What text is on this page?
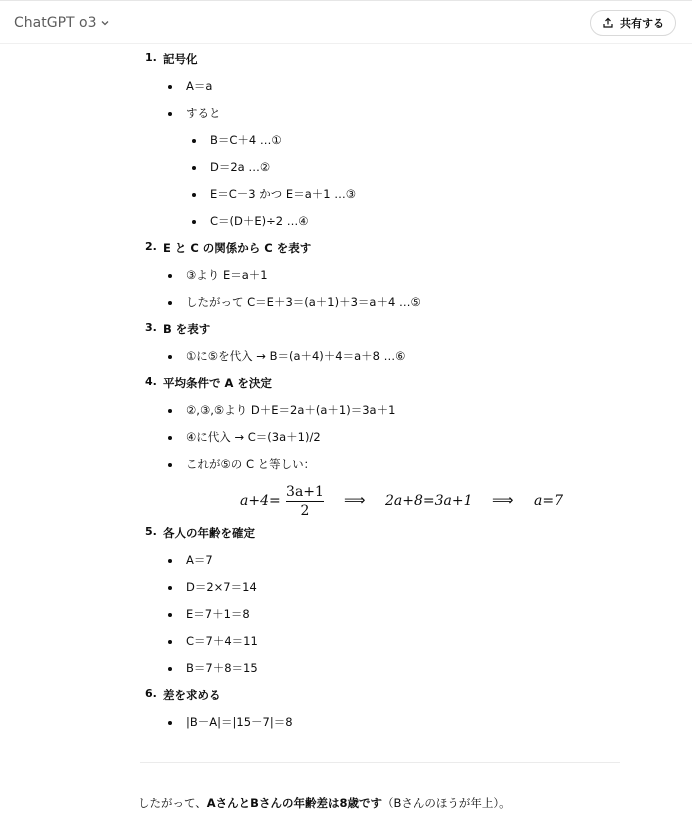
ChatGPT o3	共有する
1. 記号化
A＝a
すると
B＝C＋4 …①
D＝2a …②
E＝C－3 かつ E＝a＋1 …③
C＝(D＋E)÷2 …④
2. E と C の関係から C を表す
③より E＝a＋1
したがって C＝E＋3＝(a＋1)＋3＝a＋4 …⑤
3. B を表す
①に⑤を代入 → B＝(a＋4)＋4＝a＋8 …⑥
4. 平均条件で A を決定
②,③,⑤より D＋E＝2a＋(a＋1)＝3a＋1
④に代入 → C＝(3a＋1)/2
これが⑤の C と等しい：
a+4=
3a+1
2
⟹ 2a+8=3a+1 ⟹ a=7
5. 各人の年齢を確定
A＝7
D＝2×7＝14
E＝7＋1＝8
C＝7＋4＝11
B＝7＋8＝15
6. 差を求める
|B－A|＝|15－7|＝8
したがって、AさんとBさんの年齢差は8歳です（Bさんのほうが年上）。
